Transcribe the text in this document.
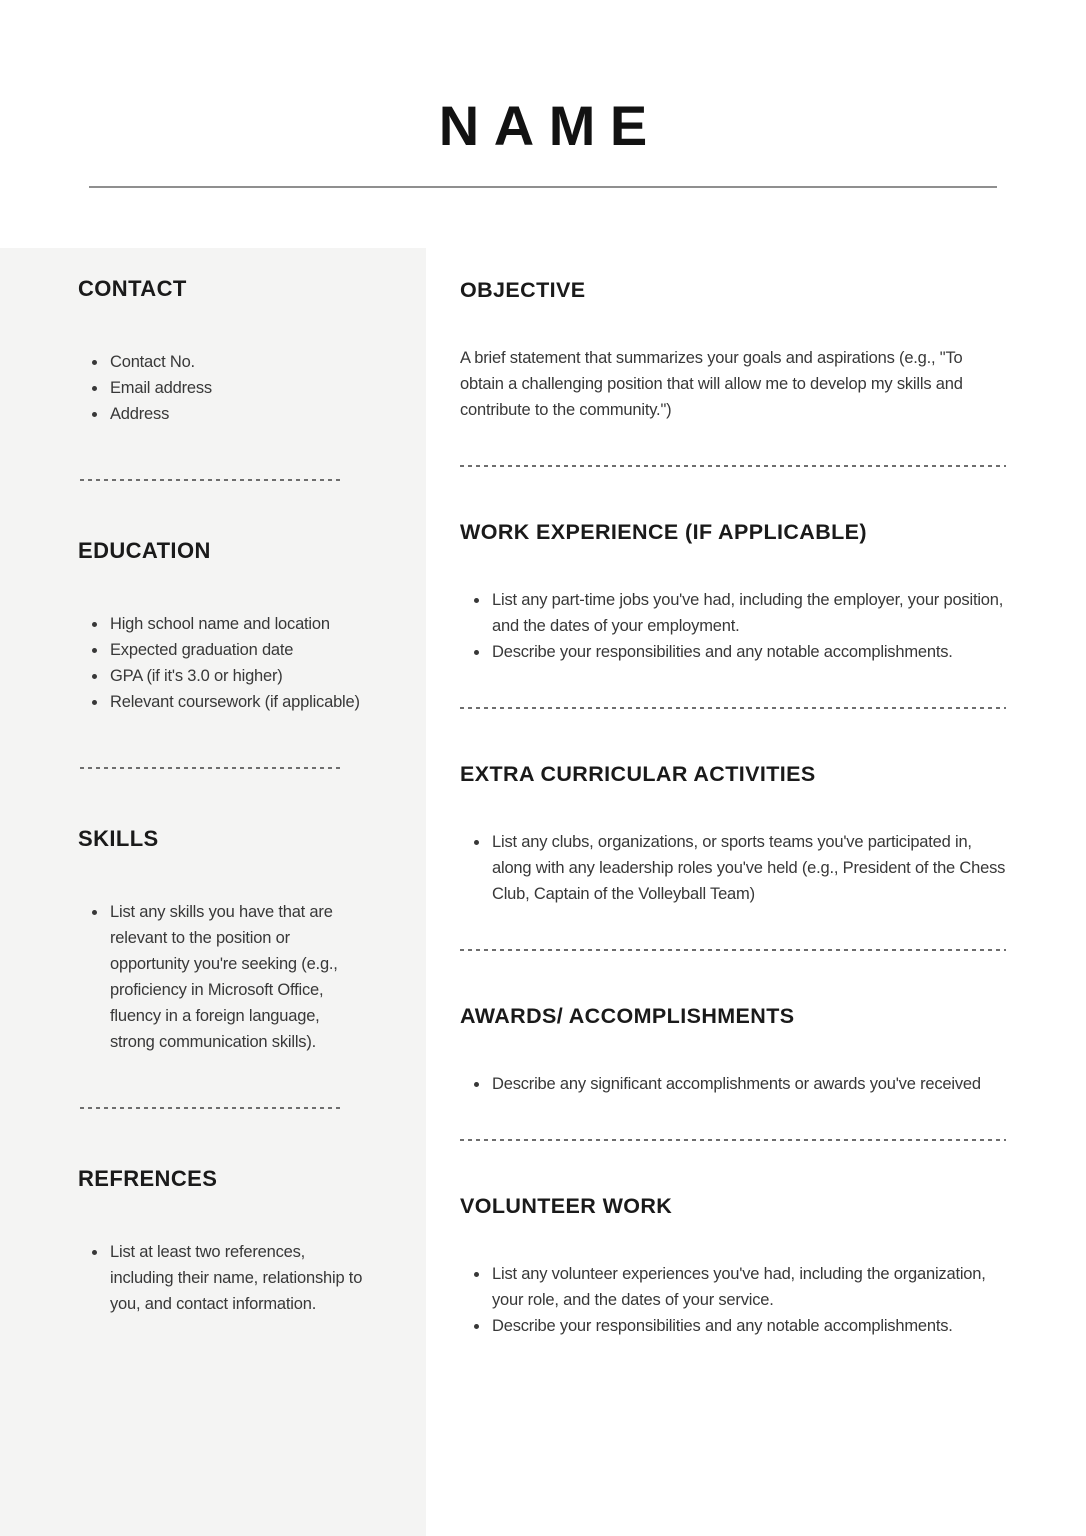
NAME
CONTACT
• Contact No.
• Email address
• Address
EDUCATION
• High school name and location
• Expected graduation date
• GPA (if it's 3.0 or higher)
• Relevant coursework (if applicable)
SKILLS
• List any skills you have that are relevant to the position or opportunity you're seeking (e.g., proficiency in Microsoft Office, fluency in a foreign language, strong communication skills).
REFRENCES
• List at least two references, including their name, relationship to you, and contact information.
OBJECTIVE

A brief statement that summarizes your goals and aspirations (e.g., "To obtain a challenging position that will allow me to develop my skills and contribute to the community.")

WORK EXPERIENCE (IF APPLICABLE)
• List any part-time jobs you've had, including the employer, your position, and the dates of your employment.
• Describe your responsibilities and any notable accomplishments.
EXTRA CURRICULAR ACTIVITIES
• List any clubs, organizations, or sports teams you've participated in, along with any leadership roles you've held (e.g., President of the Chess Club, Captain of the Volleyball Team)
AWARDS/ ACCOMPLISHMENTS
• Describe any significant accomplishments or awards you've received
VOLUNTEER WORK
• List any volunteer experiences you've had, including the organization, your role, and the dates of your service.
• Describe your responsibilities and any notable accomplishments.
